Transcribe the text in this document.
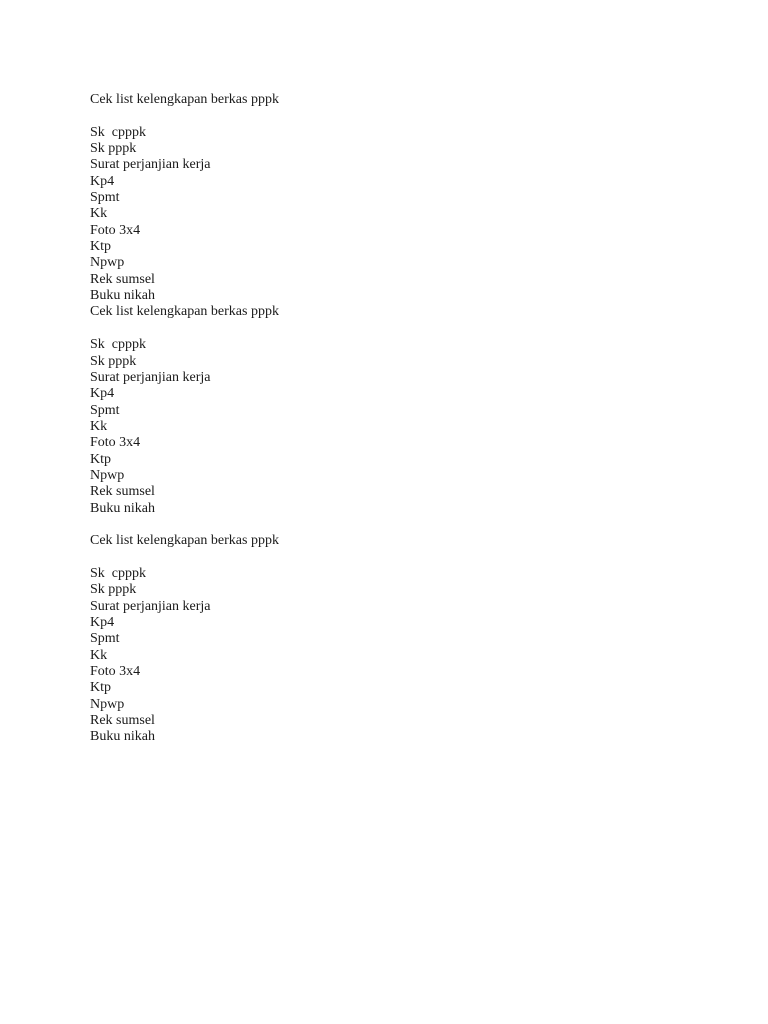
Cek list kelengkapan berkas pppk
Sk  cpppk
Sk pppk
Surat perjanjian kerja
Kp4
Spmt
Kk
Foto 3x4
Ktp
Npwp
Rek sumsel
Buku nikah
Cek list kelengkapan berkas pppk
Sk  cpppk
Sk pppk
Surat perjanjian kerja
Kp4
Spmt
Kk
Foto 3x4
Ktp
Npwp
Rek sumsel
Buku nikah
Cek list kelengkapan berkas pppk
Sk  cpppk
Sk pppk
Surat perjanjian kerja
Kp4
Spmt
Kk
Foto 3x4
Ktp
Npwp
Rek sumsel
Buku nikah
